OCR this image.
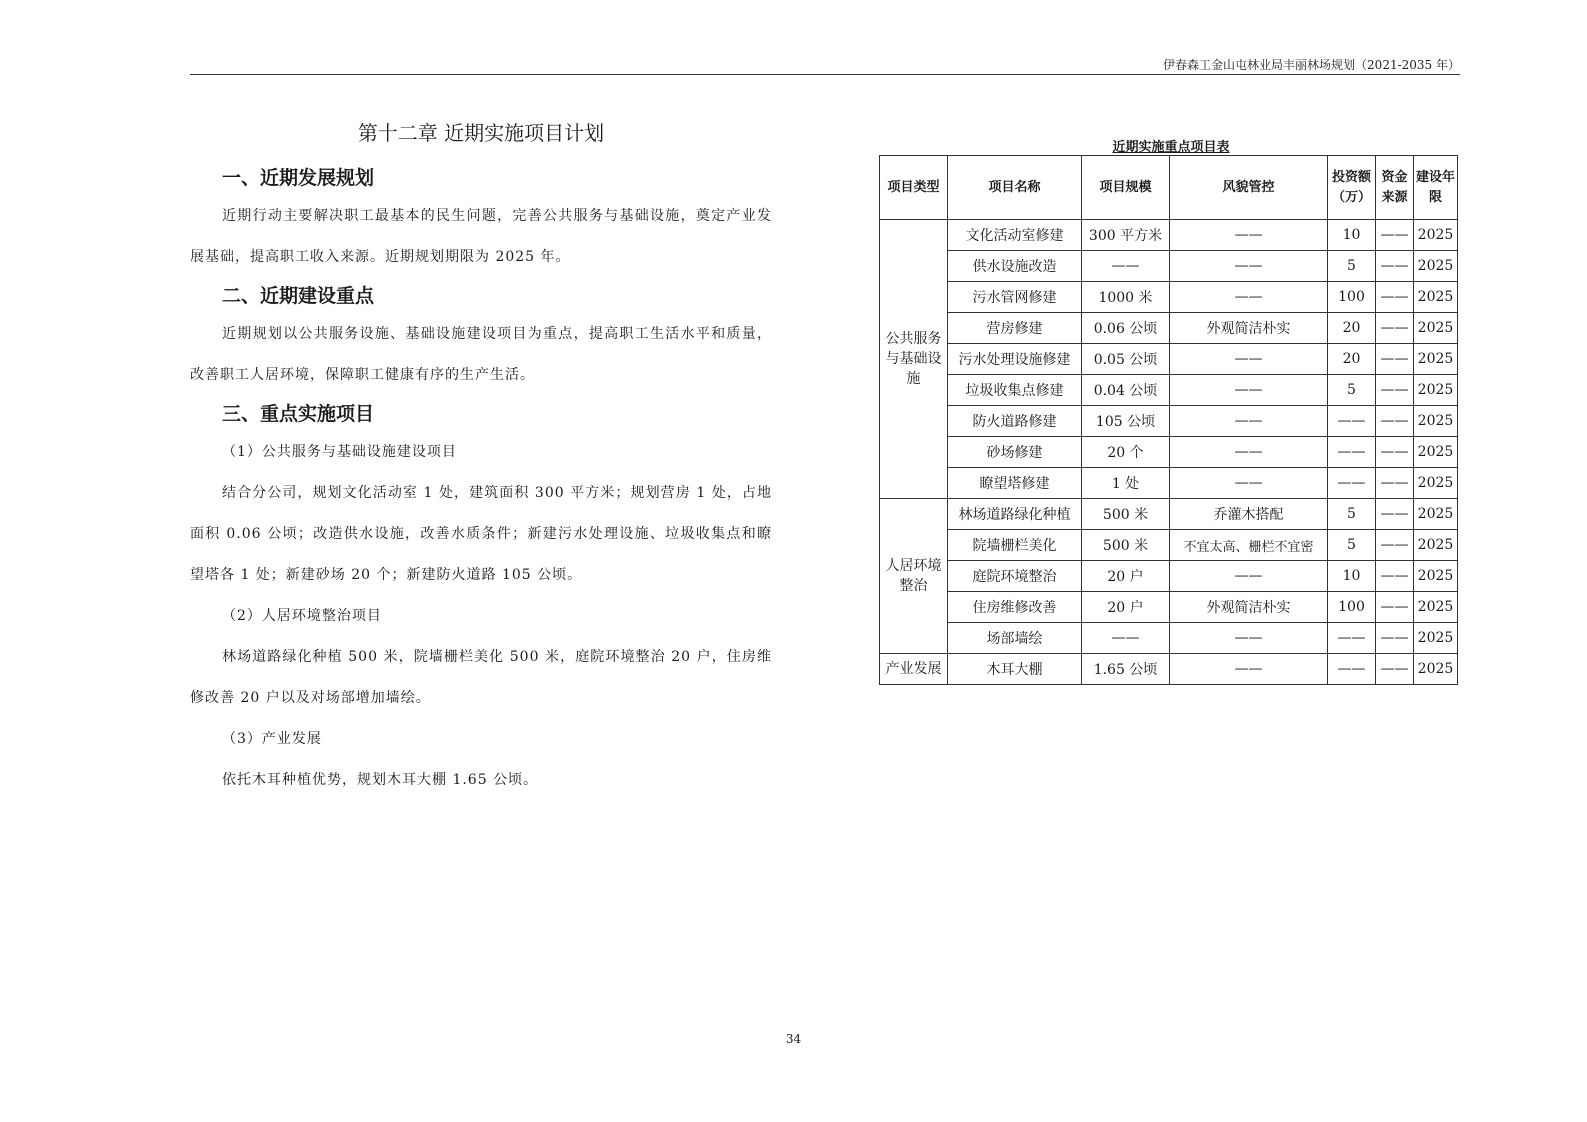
伊春森工金山屯林业局丰丽林场规划（2021-2035 年）
第十二章 近期实施项目计划
一、近期发展规划

近期行动主要解决职工最基本的民生问题，完善公共服务与基础设施，奠定产业发展基础，提高职工收入来源。近期规划期限为 2025 年。

二、近期建设重点

近期规划以公共服务设施、基础设施建设项目为重点，提高职工生活水平和质量，改善职工人居环境，保障职工健康有序的生产生活。

三、重点实施项目

（1）公共服务与基础设施建设项目

结合分公司，规划文化活动室 1 处，建筑面积 300 平方米；规划营房 1 处，占地面积 0.06 公顷；改造供水设施，改善水质条件；新建污水处理设施、垃圾收集点和瞭望塔各 1 处；新建砂场 20 个；新建防火道路 105 公顷。

（2）人居环境整治项目

林场道路绿化种植 500 米，院墙栅栏美化 500 米，庭院环境整治 20 户，住房维修改善 20 户以及对场部增加墙绘。

（3）产业发展

依托木耳种植优势，规划木耳大棚 1.65 公顷。

近期实施重点项目表
项目类型	项目名称	项目规模	风貌管控	投资额（万）	资金来源	建设年限
公共服务与基础设施	文化活动室修建	300 平方米	——	10	——	2025
	供水设施改造	——	——	5	——	2025
	污水管网修建	1000 米	——	100	——	2025
	营房修建	0.06 公顷	外观简洁朴实	20	——	2025
	污水处理设施修建	0.05 公顷	——	20	——	2025
	垃圾收集点修建	0.04 公顷	——	5	——	2025
	防火道路修建	105 公顷	——	——	——	2025
	砂场修建	20 个	——	——	——	2025
	瞭望塔修建	1 处	——	——	——	2025
人居环境整治	林场道路绿化种植	500 米	乔灌木搭配	5	——	2025
	院墙栅栏美化	500 米	不宜太高、栅栏不宜密	5	——	2025
	庭院环境整治	20 户	——	10	——	2025
	住房维修改善	20 户	外观简洁朴实	100	——	2025
	场部墙绘	——	——	——	——	2025
产业发展	木耳大棚	1.65 公顷	——	——	——	2025
34
